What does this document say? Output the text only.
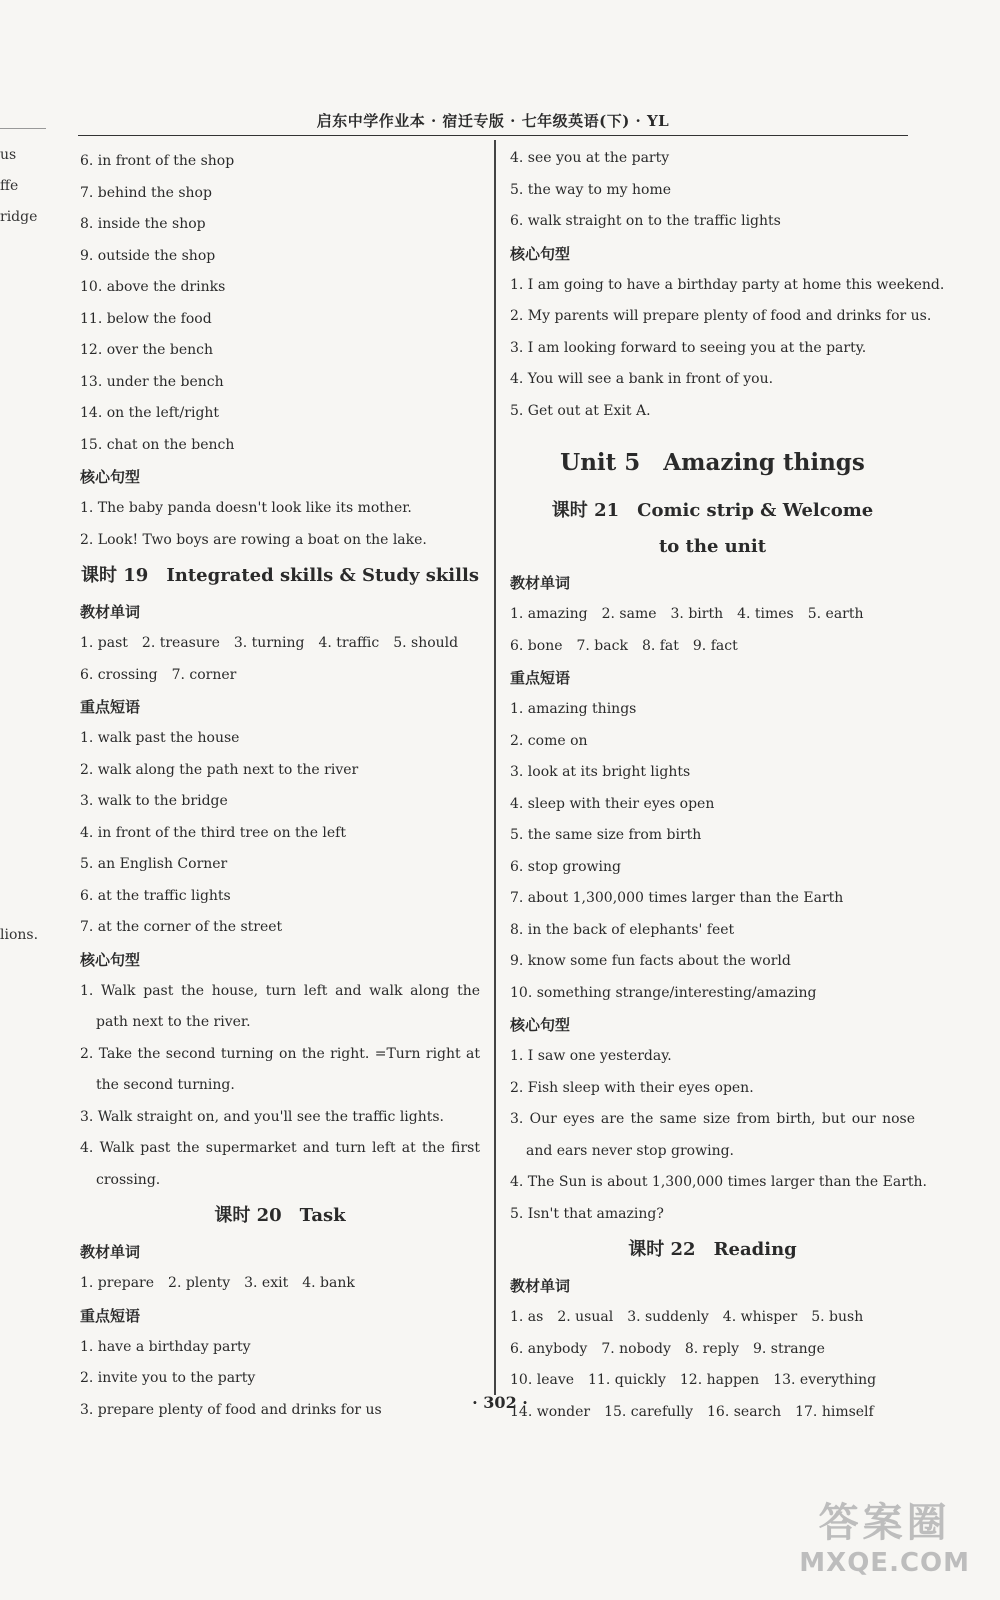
us
ffe
ridge
lions.
启东中学作业本 · 宿迁专版 · 七年级英语(下) · YL
6. in front of the shop
7. behind the shop
8. inside the shop
9. outside the shop
10. above the drinks
11. below the food
12. over the bench
13. under the bench
14. on the left/right
15. chat on the bench
核心句型
1. The baby panda doesn't look like its mother.
2. Look! Two boys are rowing a boat on the lake.
课时 19　Integrated skills & Study skills
教材单词
1. past　2. treasure　3. turning　4. traffic　5. should
6. crossing　7. corner
重点短语
1. walk past the house
2. walk along the path next to the river
3. walk to the bridge
4. in front of the third tree on the left
5. an English Corner
6. at the traffic lights
7. at the corner of the street
核心句型
1. Walk past the house, turn left and walk along the path next to the river.
2. Take the second turning on the right. =Turn right at the second turning.
3. Walk straight on, and you'll see the traffic lights.
4. Walk past the supermarket and turn left at the first crossing.
课时 20　Task
教材单词
1. prepare　2. plenty　3. exit　4. bank
重点短语
1. have a birthday party
2. invite you to the party
3. prepare plenty of food and drinks for us
4. see you at the party
5. the way to my home
6. walk straight on to the traffic lights
核心句型
1. I am going to have a birthday party at home this weekend.
2. My parents will prepare plenty of food and drinks for us.
3. I am looking forward to seeing you at the party.
4. You will see a bank in front of you.
5. Get out at Exit A.
Unit 5　Amazing things
课时 21　Comic strip & Welcome
to the unit
教材单词
1. amazing　2. same　3. birth　4. times　5. earth
6. bone　7. back　8. fat　9. fact
重点短语
1. amazing things
2. come on
3. look at its bright lights
4. sleep with their eyes open
5. the same size from birth
6. stop growing
7. about 1,300,000 times larger than the Earth
8. in the back of elephants' feet
9. know some fun facts about the world
10. something strange/interesting/amazing
核心句型
1. I saw one yesterday.
2. Fish sleep with their eyes open.
3. Our eyes are the same size from birth, but our nose and ears never stop growing.
4. The Sun is about 1,300,000 times larger than the Earth.
5. Isn't that amazing?
课时 22　Reading
教材单词
1. as　2. usual　3. suddenly　4. whisper　5. bush
6. anybody　7. nobody　8. reply　9. strange
10. leave　11. quickly　12. happen　13. everything
14. wonder　15. carefully　16. search　17. himself
· 302 ·
答案圈
MXQE.COM
